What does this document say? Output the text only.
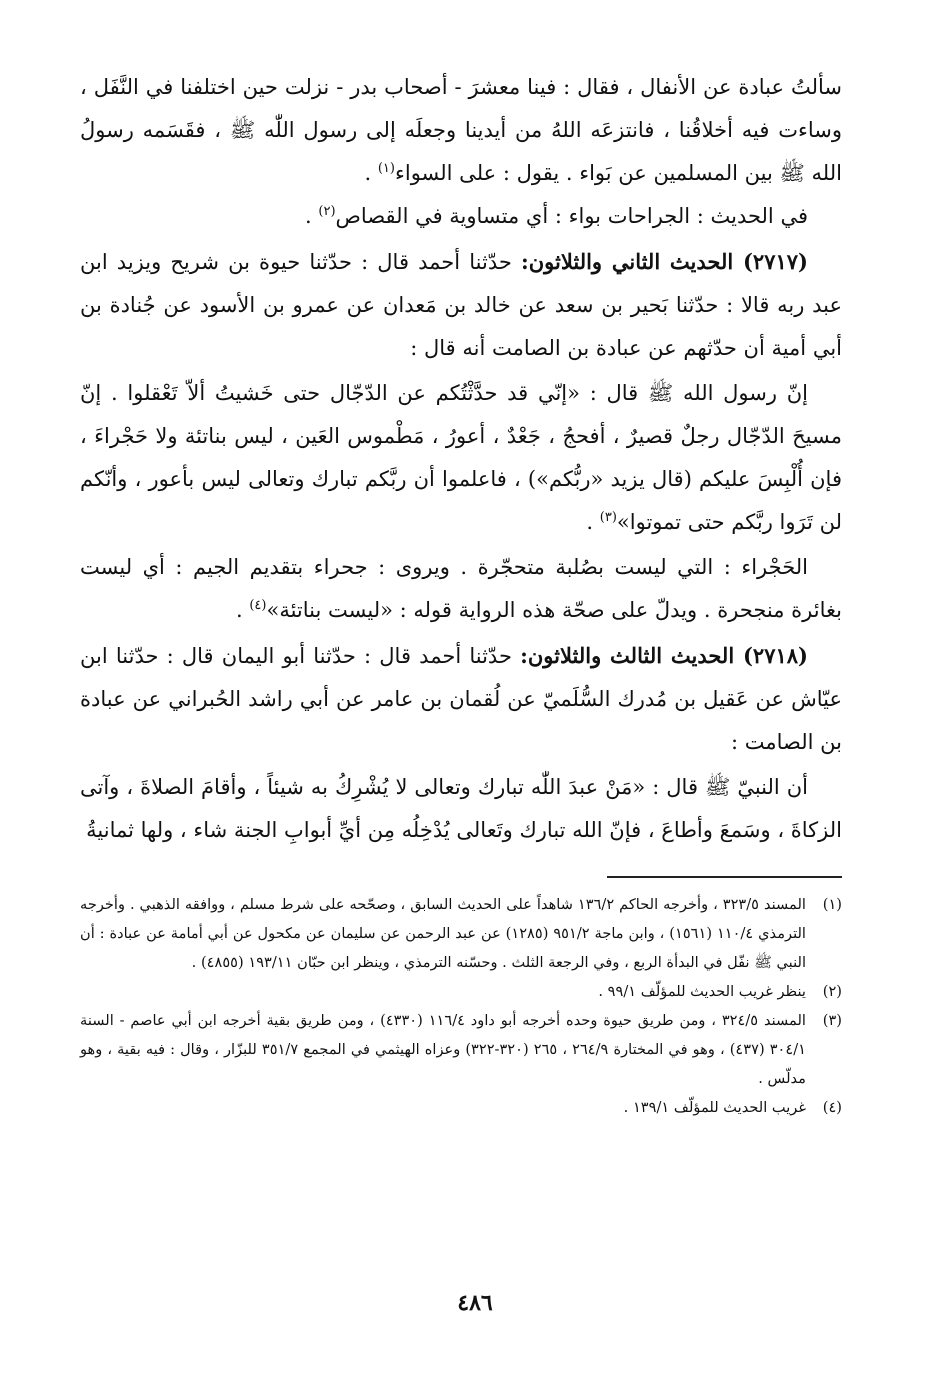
سألتُ عبادة عن الأنفال ، فقال : فينا معشرَ - أصحاب بدر - نزلت حين اختلفنا في النَّفَل ، وساءت فيه أخلاقُنا ، فانتزعَه اللهُ من أيدينا وجعلَه إلى رسول اللّٰه ﷺ ، فقَسَمه رسولُ الله ﷺ بين المسلمين عن بَواء . يقول : على السواء$^{(١)}$ .

في الحديث : الجراحات بواء : أي متساوية في القصاص$^{(٢)}$ .

(٢٧١٧) الحديث الثاني والثلاثون: حدّثنا أحمد قال : حدّثنا حيوة بن شريح ويزيد ابن عبد ربه قالا : حدّثنا بَحير بن سعد عن خالد بن مَعدان عن عمرو بن الأسود عن جُنادة بن أبي أمية أن حدّثهم عن عبادة بن الصامت أنه قال :

إنّ رسول الله ﷺ قال : «إنّي قد حدَّثْتُكم عن الدّجّال حتى خَشيتُ ألاّ تَعْقلوا . إنّ مسيحَ الدّجّال رجلٌ قصيرٌ ، أفحجُ ، جَعْدٌ ، أعورُ ، مَطْموس العَين ، ليس بناتئة ولا حَجْراءَ ، فإن أُلْبِسَ عليكم (قال يزيد «ربُّكم») ، فاعلموا أن ربَّكم تبارك وتعالى ليس بأعور ، وأنّكم لن تَرَوا ربَّكم حتى تموتوا»$^{(٣)}$ .

الحَجْراء : التي ليست بصُلبة متحجّرة . ويروى : جحراء بتقديم الجيم : أي ليست بغائرة منجحرة . ويدلّ على صحّة هذه الرواية قوله : «ليست بناتئة»$^{(٤)}$ .

(٢٧١٨) الحديث الثالث والثلاثون: حدّثنا أحمد قال : حدّثنا أبو اليمان قال : حدّثنا ابن عيّاش عن عَقيل بن مُدرك السُّلَميّ عن لُقمان بن عامر عن أبي راشد الحُبراني عن عبادة بن الصامت :

أن النبيّ ﷺ قال : «مَنْ عبدَ اللّٰه تبارك وتعالى لا يُشْرِكُ به شيئاً ، وأقامَ الصلاةَ ، وآتى الزكاةَ ، وسَمعَ وأطاعَ ، فإنّ الله تبارك وتَعالى يُدْخِلُه مِن أيِّ أبوابِ الجنة شاء ، ولها ثمانيةُ

(١)المسند ٣٢٣/٥ ، وأخرجه الحاكم ١٣٦/٢ شاهداً على الحديث السابق ، وصحّحه على شرط مسلم ، ووافقه الذهبي . وأخرجه الترمذي ١١٠/٤ (١٥٦١) ، وابن ماجة ٩٥١/٢ (١٢٨٥) عن عبد الرحمن عن سليمان عن مكحول عن أبي أمامة عن عبادة : أن النبي ﷺ نفّل في البدأة الربع ، وفي الرجعة الثلث . وحسّنه الترمذي ، وينظر ابن حبّان ١٩٣/١١ (٤٨٥٥) .

(٢)ينظر غريب الحديث للمؤلّف ٩٩/١ .

(٣)المسند ٣٢٤/٥ ، ومن طريق حيوة وحده أخرجه أبو داود ١١٦/٤ (٤٣٣٠) ، ومن طريق بقية أخرجه ابن أبي عاصم - السنة ٣٠٤/١ (٤٣٧) ، وهو في المختارة ٢٦٤/٩ ، ٢٦٥ (٣٢٠-٣٢٢) وعزاه الهيثمي في المجمع ٣٥١/٧ للبزّار ، وقال : فيه بقية ، وهو مدلّس .

(٤)غريب الحديث للمؤلّف ١٣٩/١ .

٤٨٦
